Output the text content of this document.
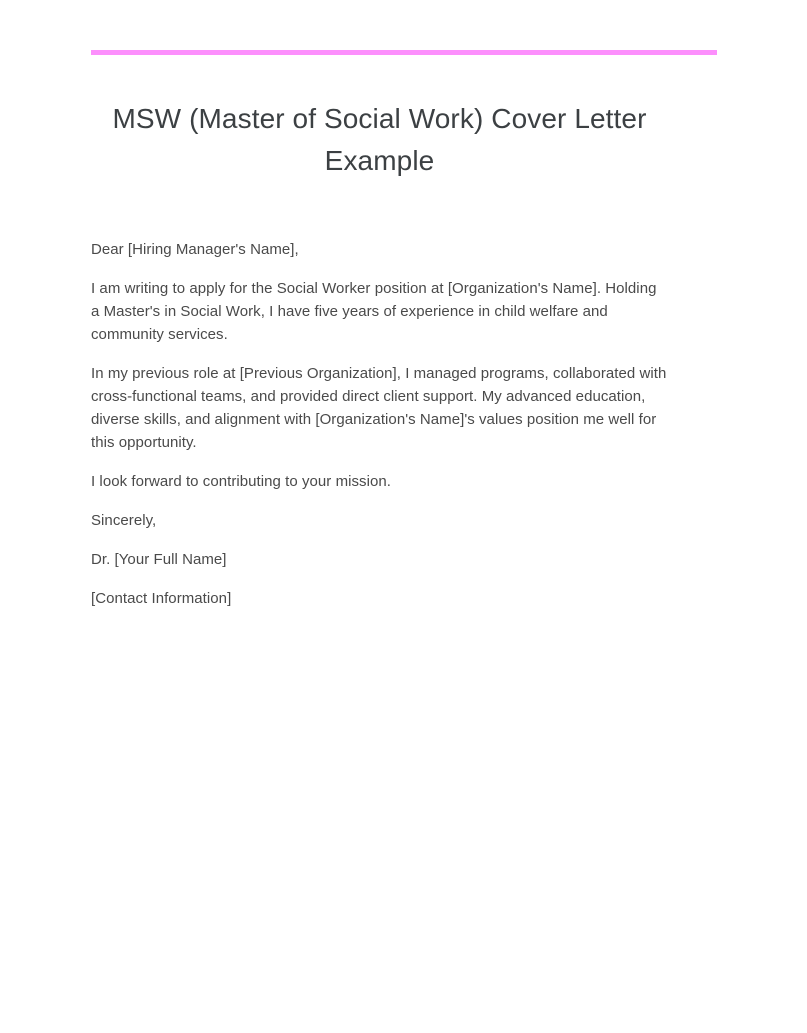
MSW (Master of Social Work) Cover Letter Example

Dear [Hiring Manager's Name],

I am writing to apply for the Social Worker position at [Organization's Name]. Holding a Master's in Social Work, I have five years of experience in child welfare and community services.

In my previous role at [Previous Organization], I managed programs, collaborated with cross-functional teams, and provided direct client support. My advanced education, diverse skills, and alignment with [Organization's Name]'s values position me well for this opportunity.

I look forward to contributing to your mission.

Sincerely,

Dr. [Your Full Name]

[Contact Information]
